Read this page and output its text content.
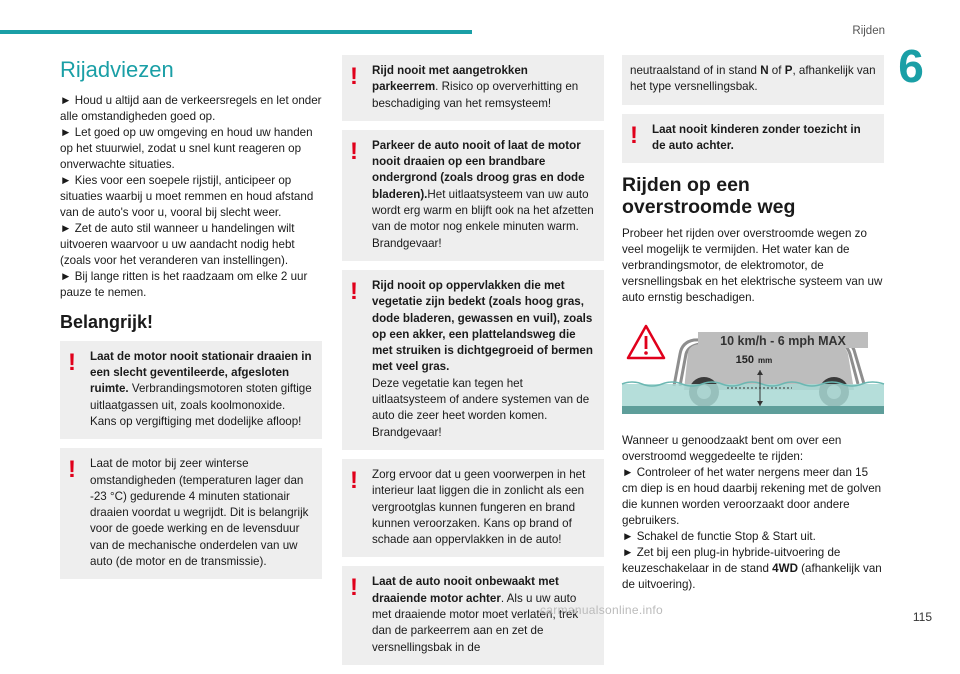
Rijden
6
Rijadviezen

► Houd u altijd aan de verkeersregels en let onder alle omstandigheden goed op.

► Let goed op uw omgeving en houd uw handen op het stuurwiel, zodat u snel kunt reageren op onverwachte situaties.

► Kies voor een soepele rijstijl, anticipeer op situaties waarbij u moet remmen en houd afstand van de auto's voor u, vooral bij slecht weer.

► Zet de auto stil wanneer u handelingen wilt uitvoeren waarvoor u uw aandacht nodig hebt (zoals voor het veranderen van instellingen).

► Bij lange ritten is het raadzaam om elke 2 uur pauze te nemen.

Belangrijk!
!	Laat de motor nooit stationair draaien in een slecht geventileerde, afgesloten ruimte. Verbrandingsmotoren stoten giftige uitlaatgassen uit, zoals koolmonoxide. Kans op vergiftiging met dodelijke afloop!
!	Laat de motor bij zeer winterse omstandigheden (temperaturen lager dan -23 °C) gedurende 4 minuten stationair draaien voordat u wegrijdt. Dit is belangrijk voor de goede werking en de levensduur van de mechanische onderdelen van uw auto (de motor en de transmissie).
!	Rijd nooit met aangetrokken parkeerrem. Risico op oververhitting en beschadiging van het remsysteem!
!	Parkeer de auto nooit of laat de motor nooit draaien op een brandbare ondergrond (zoals droog gras en dode bladeren).Het uitlaatsysteem van uw auto wordt erg warm en blijft ook na het afzetten van de motor nog enkele minuten warm. Brandgevaar!
!	Rijd nooit op oppervlakken die met vegetatie zijn bedekt (zoals hoog gras, dode bladeren, gewassen en vuil), zoals op een akker, een plattelandsweg die met struiken is dichtgegroeid of bermen met veel gras.
Deze vegetatie kan tegen het uitlaatsysteem of andere systemen van de auto die zeer heet worden komen. Brandgevaar!
!	Zorg ervoor dat u geen voorwerpen in het interieur laat liggen die in zonlicht als een vergrootglas kunnen fungeren en brand kunnen veroorzaken. Kans op brand of schade aan oppervlakken in de auto!
!	Laat de auto nooit onbewaakt met draaiende motor achter. Als u uw auto met draaiende motor moet verlaten, trek dan de parkeerrem aan en zet de versnellingsbak in de
neutraalstand of in stand N of P, afhankelijk van het type versnellingsbak.
!	Laat nooit kinderen zonder toezicht in de auto achter.
Rijden op een overstroomde weg

Probeer het rijden over overstroomde wegen zo veel mogelijk te vermijden. Het water kan de verbrandingsmotor, de elektromotor, de versnellingsbak en het elektrische systeem van uw auto ernstig beschadigen.

10 km/h - 6 mph MAX
150 mm

Wanneer u genoodzaakt bent om over een overstroomd weggedeelte te rijden:

► Controleer of het water nergens meer dan 15 cm diep is en houd daarbij rekening met de golven die kunnen worden veroorzaakt door andere gebruikers.

► Schakel de functie Stop & Start uit.

► Zet bij een plug-in hybride-uitvoering de keuzeschakelaar in de stand 4WD (afhankelijk van de uitvoering).

carmanualsonline.info	115
